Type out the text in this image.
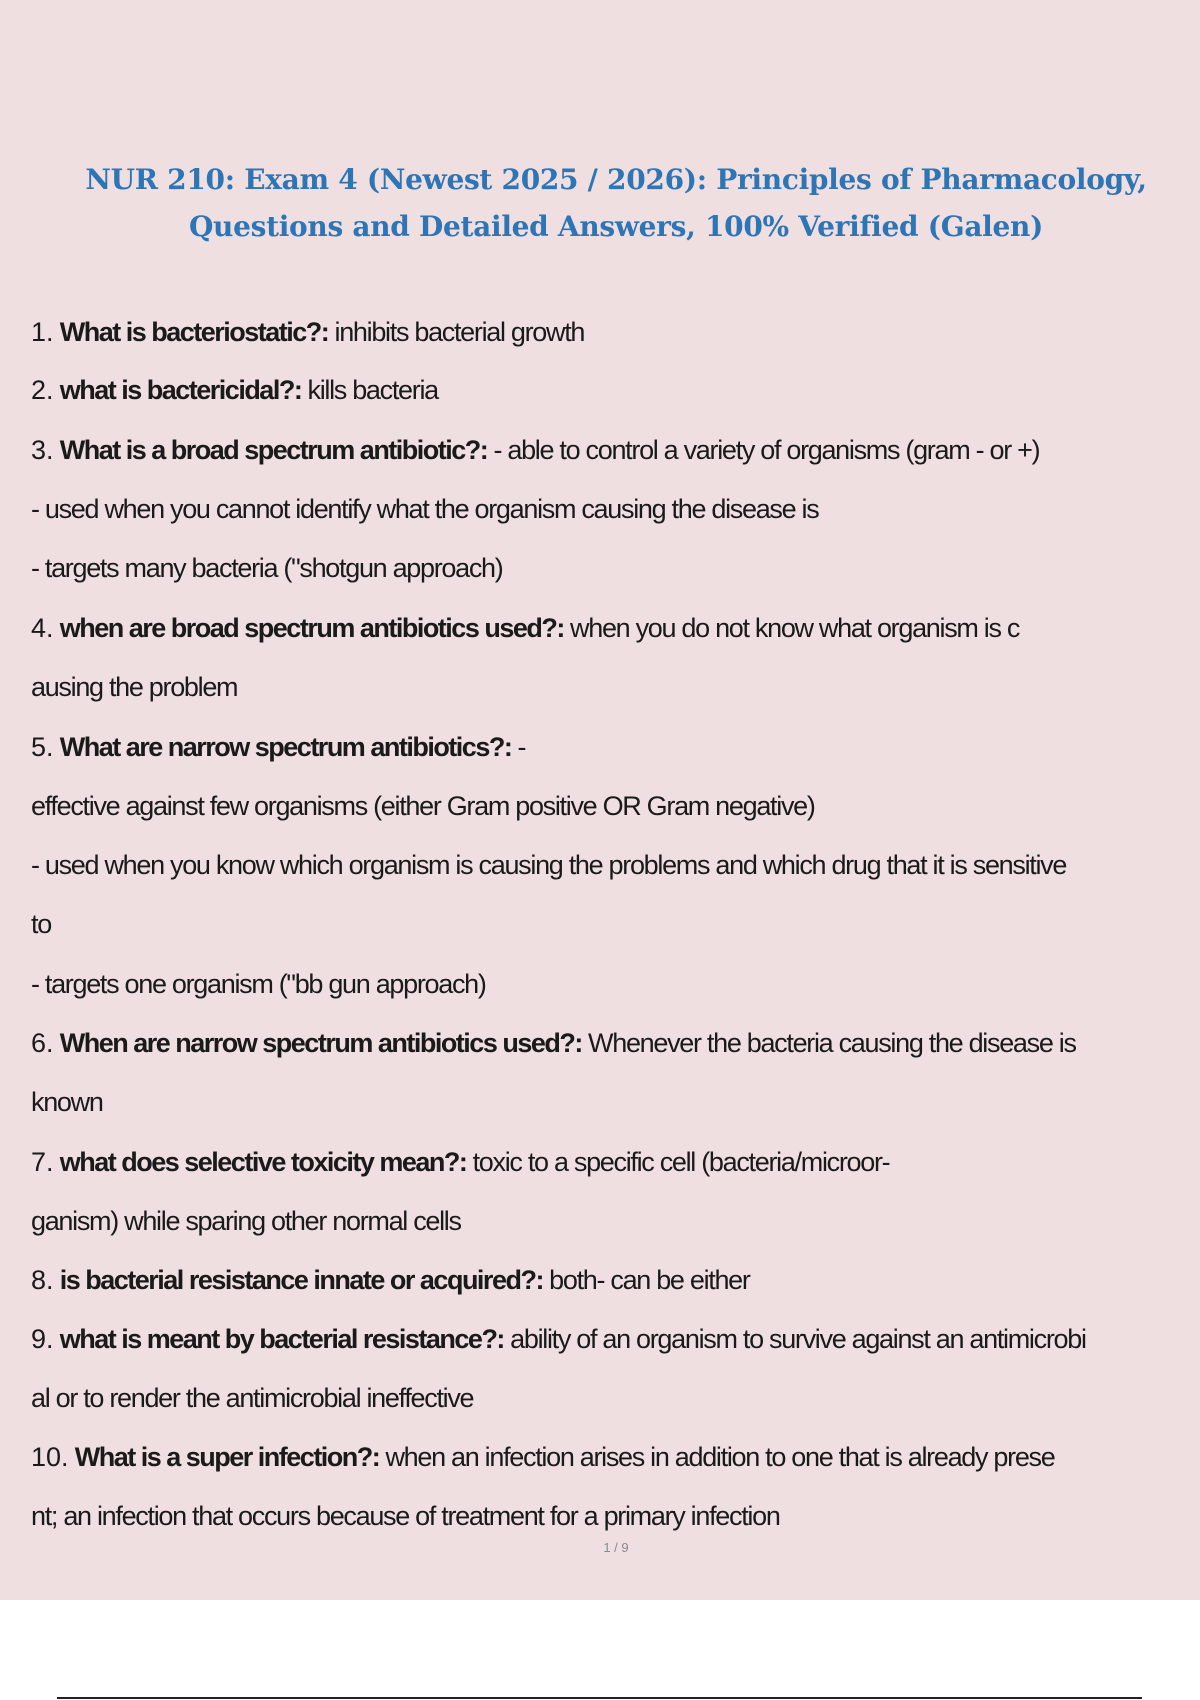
NUR 210: Exam 4 (Newest 2025 / 2026): Principles of Pharmacology,
Questions and Detailed Answers, 100% Verified (Galen)
1. What is bacteriostatic?: inhibits bacterial growth
2. what is bactericidal?: kills bacteria
3. What is a broad spectrum antibiotic?: - able to control a variety of organisms (gram - or +)
- used when you cannot identify what the organism causing the disease is
- targets many bacteria ("shotgun approach)
4. when are broad spectrum antibiotics used?: when you do not know what organism is c
ausing the problem
5. What are narrow spectrum antibiotics?: -
effective against few organisms (either Gram positive OR Gram negative)
- used when you know which organism is causing the problems and which drug that it is sensitive
to
- targets one organism ("bb gun approach)
6. When are narrow spectrum antibiotics used?: Whenever the bacteria causing the disease is
known
7. what does selective toxicity mean?: toxic to a specific cell (bacteria/microor-
ganism) while sparing other normal cells
8. is bacterial resistance innate or acquired?: both- can be either
9. what is meant by bacterial resistance?: ability of an organism to survive against an antimicrobi
al or to render the antimicrobial ineffective
10. What is a super infection?: when an infection arises in addition to one that is already prese
nt; an infection that occurs because of treatment for a primary infection
1 / 9
